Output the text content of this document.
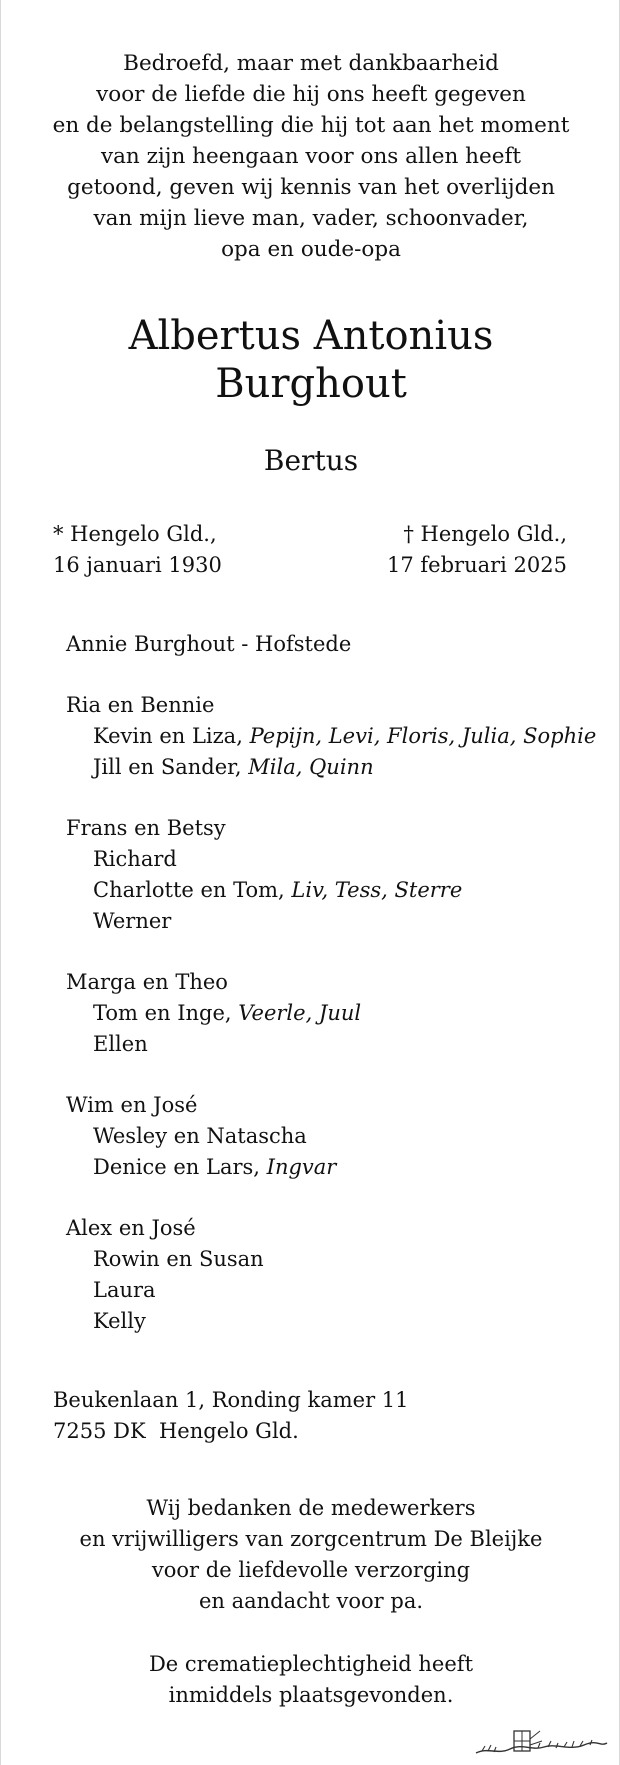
Bedroefd, maar met dankbaarheid
voor de liefde die hij ons heeft gegeven
en de belangstelling die hij tot aan het moment
van zijn heengaan voor ons allen heeft
getoond, geven wij kennis van het overlijden
van mijn lieve man, vader, schoonvader,
opa en oude-opa
Albertus Antonius
Burghout
Bertus
* Hengelo Gld.,
16 januari 1930
† Hengelo Gld.,
17 februari 2025
Annie Burghout - Hofstede
Ria en Bennie
Kevin en Liza, Pepijn, Levi, Floris, Julia, Sophie
Jill en Sander, Mila, Quinn
Frans en Betsy
Richard
Charlotte en Tom, Liv, Tess, Sterre
Werner
Marga en Theo
Tom en Inge, Veerle, Juul
Ellen
Wim en José
Wesley en Natascha
Denice en Lars, Ingvar
Alex en José
Rowin en Susan
Laura
Kelly
Beukenlaan 1, Ronding kamer 11
7255 DK  Hengelo Gld.
Wij bedanken de medewerkers
en vrijwilligers van zorgcentrum De Bleijke
voor de liefdevolle verzorging
en aandacht voor pa.
De crematieplechtigheid heeft
inmiddels plaatsgevonden.
